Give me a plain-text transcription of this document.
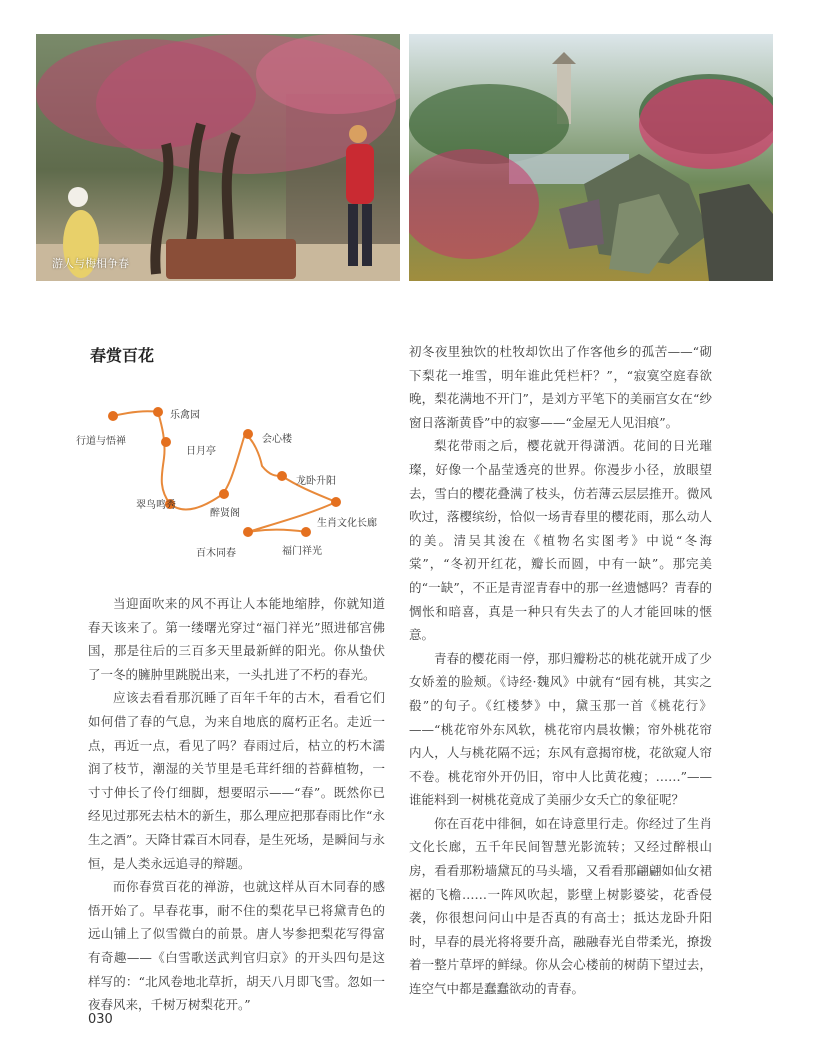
游人与梅相争春
春赏百花
行道与悟禅
乐禽园
日月亭
会心楼
龙卧升阳
生肖文化长廊
福门祥光
百木同春
醉贤阁
翠鸟鸣秀

当迎面吹来的风不再让人本能地缩脖，你就知道春天该来了。第一缕曙光穿过“福门祥光”照进郁宫佛国，那是往后的三百多天里最新鲜的阳光。你从蛰伏了一冬的臃肿里跳脱出来，一头扎进了不朽的春光。

应该去看看那沉睡了百年千年的古木，看看它们如何借了春的气息，为来自地底的腐朽正名。走近一点，再近一点，看见了吗？春雨过后，枯立的朽木濡润了枝节，潮湿的关节里是毛茸纤细的苔藓植物，一寸寸伸长了伶仃细脚，想要昭示——“春”。既然你已经见过那死去枯木的新生，那么理应把那春雨比作“永生之酒”。天降甘霖百木同春，是生死场，是瞬间与永恒，是人类永远追寻的辩题。

而你春赏百花的禅游，也就这样从百木同春的感悟开始了。早春花事，耐不住的梨花早已将黛青色的远山铺上了似雪微白的前景。唐人岑参把梨花写得富有奇趣——《白雪歌送武判官归京》的开头四句是这样写的：“北风卷地北草折，胡天八月即飞雪。忽如一夜春风来，千树万树梨花开。”

初冬夜里独饮的杜牧却饮出了作客他乡的孤苦——“砌下梨花一堆雪，明年谁此凭栏杆？”，“寂寞空庭春欲晚，梨花满地不开门”，是刘方平笔下的美丽宫女在“纱窗日落渐黄昏”中的寂寥——“金屋无人见泪痕”。

梨花带雨之后，樱花就开得潇洒。花间的日光璀璨，好像一个晶莹透亮的世界。你漫步小径，放眼望去，雪白的樱花叠满了枝头，仿若薄云层层推开。微风吹过，落樱缤纷，恰似一场青春里的樱花雨，那么动人的美。清吴其浚在《植物名实图考》中说“冬海棠”，“冬初开红花，瓣长而圆，中有一缺”。那完美的“一缺”，不正是青涩青春中的那一丝遗憾吗？青春的惆怅和暗喜，真是一种只有失去了的人才能回味的惬意。

青春的樱花雨一停，那归瓣粉芯的桃花就开成了少女娇羞的脸颊。《诗经·魏风》中就有“园有桃，其实之殽”的句子。《红楼梦》中，黛玉那一首《桃花行》——“桃花帘外东风软，桃花帘内晨妆懒；帘外桃花帘内人，人与桃花隔不远；东风有意揭帘栊，花欲窥人帘不卷。桃花帘外开仍旧，帘中人比黄花瘦；……”——谁能料到一树桃花竟成了美丽少女夭亡的象征呢？

你在百花中徘徊，如在诗意里行走。你经过了生肖文化长廊，五千年民间智慧光影流转；又经过醉根山房，看看那粉墙黛瓦的马头墙，又看看那翩翩如仙女裙裾的飞檐……一阵风吹起，影壁上树影婆娑，花香侵袭，你很想问问山中是否真的有高士；抵达龙卧升阳时，早春的晨光将将要升高，融融春光自带柔光，撩拨着一整片草坪的鲜绿。你从会心楼前的树荫下望过去，连空气中都是蠢蠢欲动的青春。

030
